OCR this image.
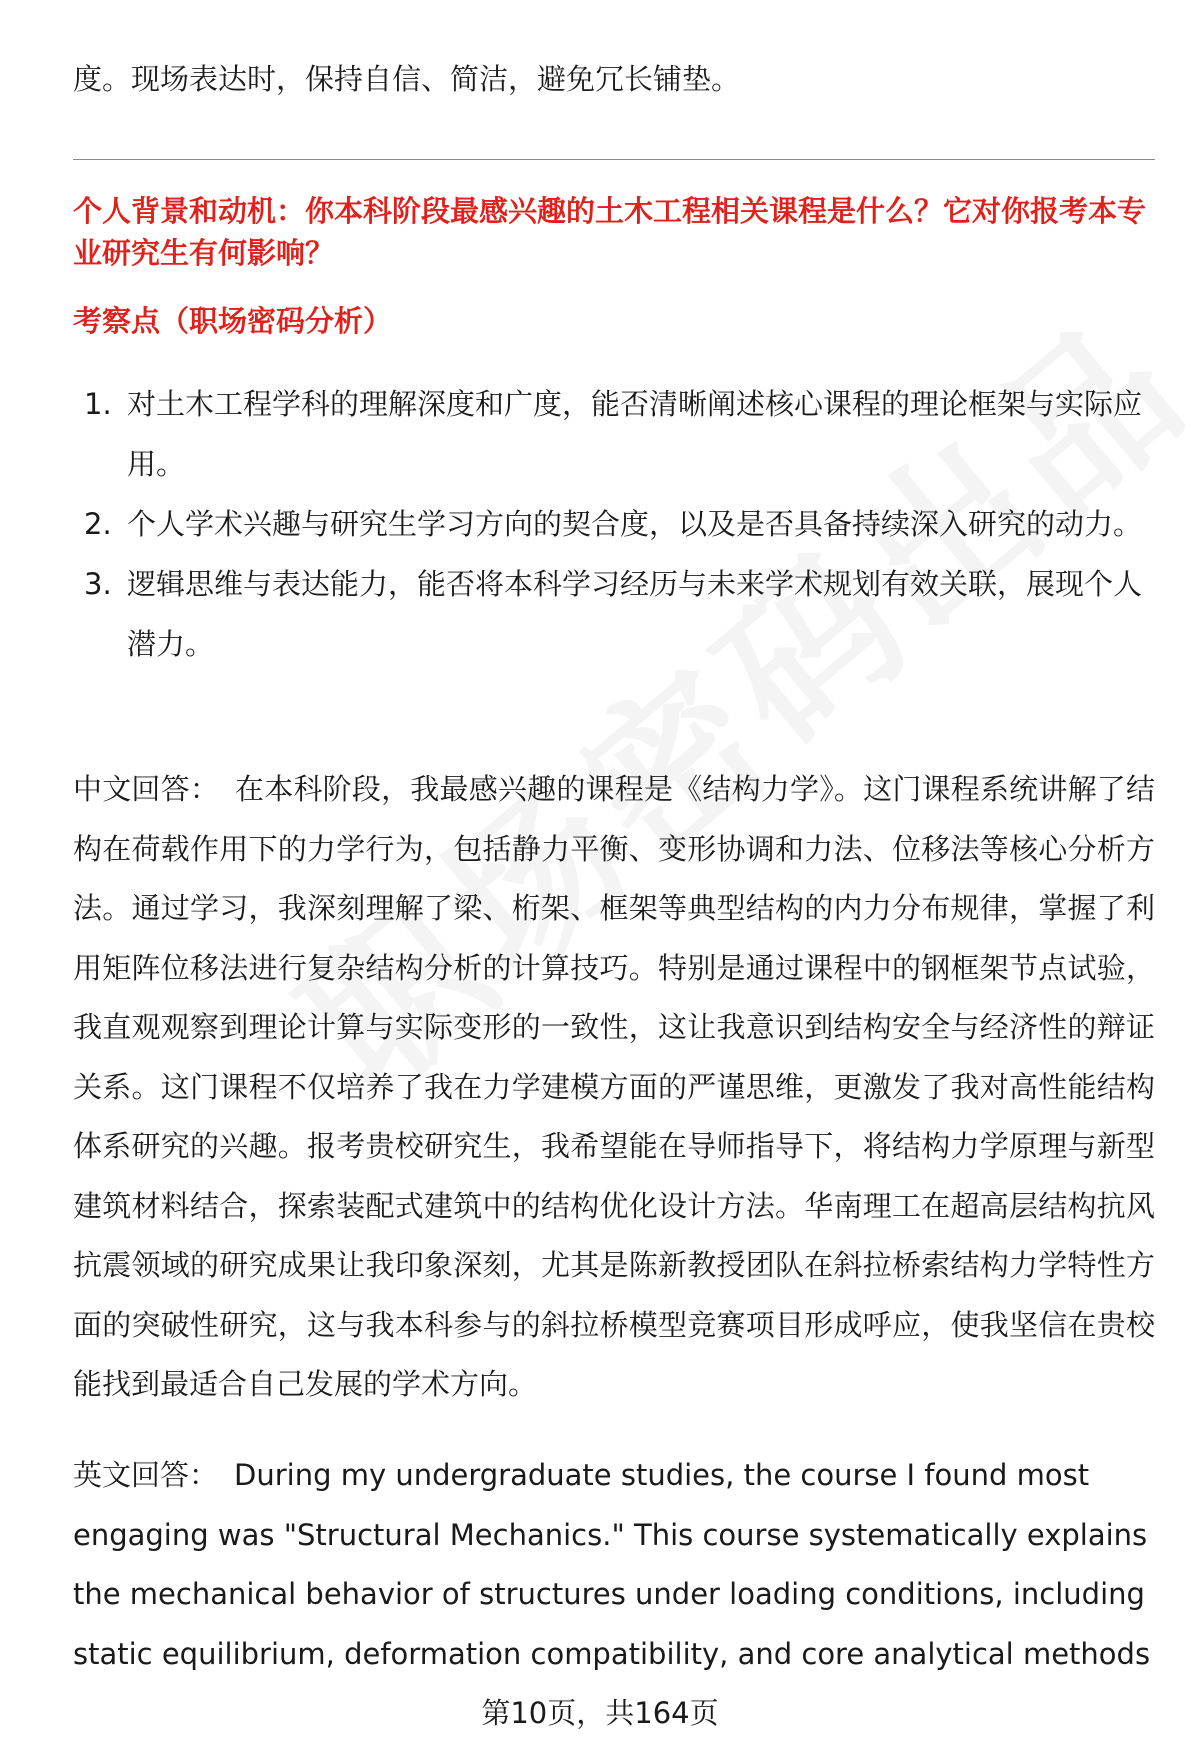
度。现场表达时，保持自信、简洁，避免冗长铺垫。
个人背景和动机：你本科阶段最感兴趣的土木工程相关课程是什么？它对你报考本专业研究生有何影响？
考察点（职场密码分析）
1. 对土木工程学科的理解深度和广度，能否清晰阐述核心课程的理论框架与实际应用。
2. 个人学术兴趣与研究生学习方向的契合度，以及是否具备持续深入研究的动力。
3. 逻辑思维与表达能力，能否将本科学习经历与未来学术规划有效关联，展现个人潜力。
中文回答： 在本科阶段，我最感兴趣的课程是《结构力学》。这门课程系统讲解了结构在荷载作用下的力学行为，包括静力平衡、变形协调和力法、位移法等核心分析方法。通过学习，我深刻理解了梁、桁架、框架等典型结构的内力分布规律，掌握了利用矩阵位移法进行复杂结构分析的计算技巧。特别是通过课程中的钢框架节点试验，我直观观察到理论计算与实际变形的一致性，这让我意识到结构安全与经济性的辩证关系。这门课程不仅培养了我在力学建模方面的严谨思维，更激发了我对高性能结构体系研究的兴趣。报考贵校研究生，我希望能在导师指导下，将结构力学原理与新型建筑材料结合，探索装配式建筑中的结构优化设计方法。华南理工在超高层结构抗风抗震领域的研究成果让我印象深刻，尤其是陈新教授团队在斜拉桥索结构力学特性方面的突破性研究，这与我本科参与的斜拉桥模型竞赛项目形成呼应，使我坚信在贵校能找到最适合自己发展的学术方向。
英文回答： During my undergraduate studies, the course I found most engaging was "Structural Mechanics." This course systematically explains the mechanical behavior of structures under loading conditions, including static equilibrium, deformation compatibility, and core analytical methods
第10页，共164页
